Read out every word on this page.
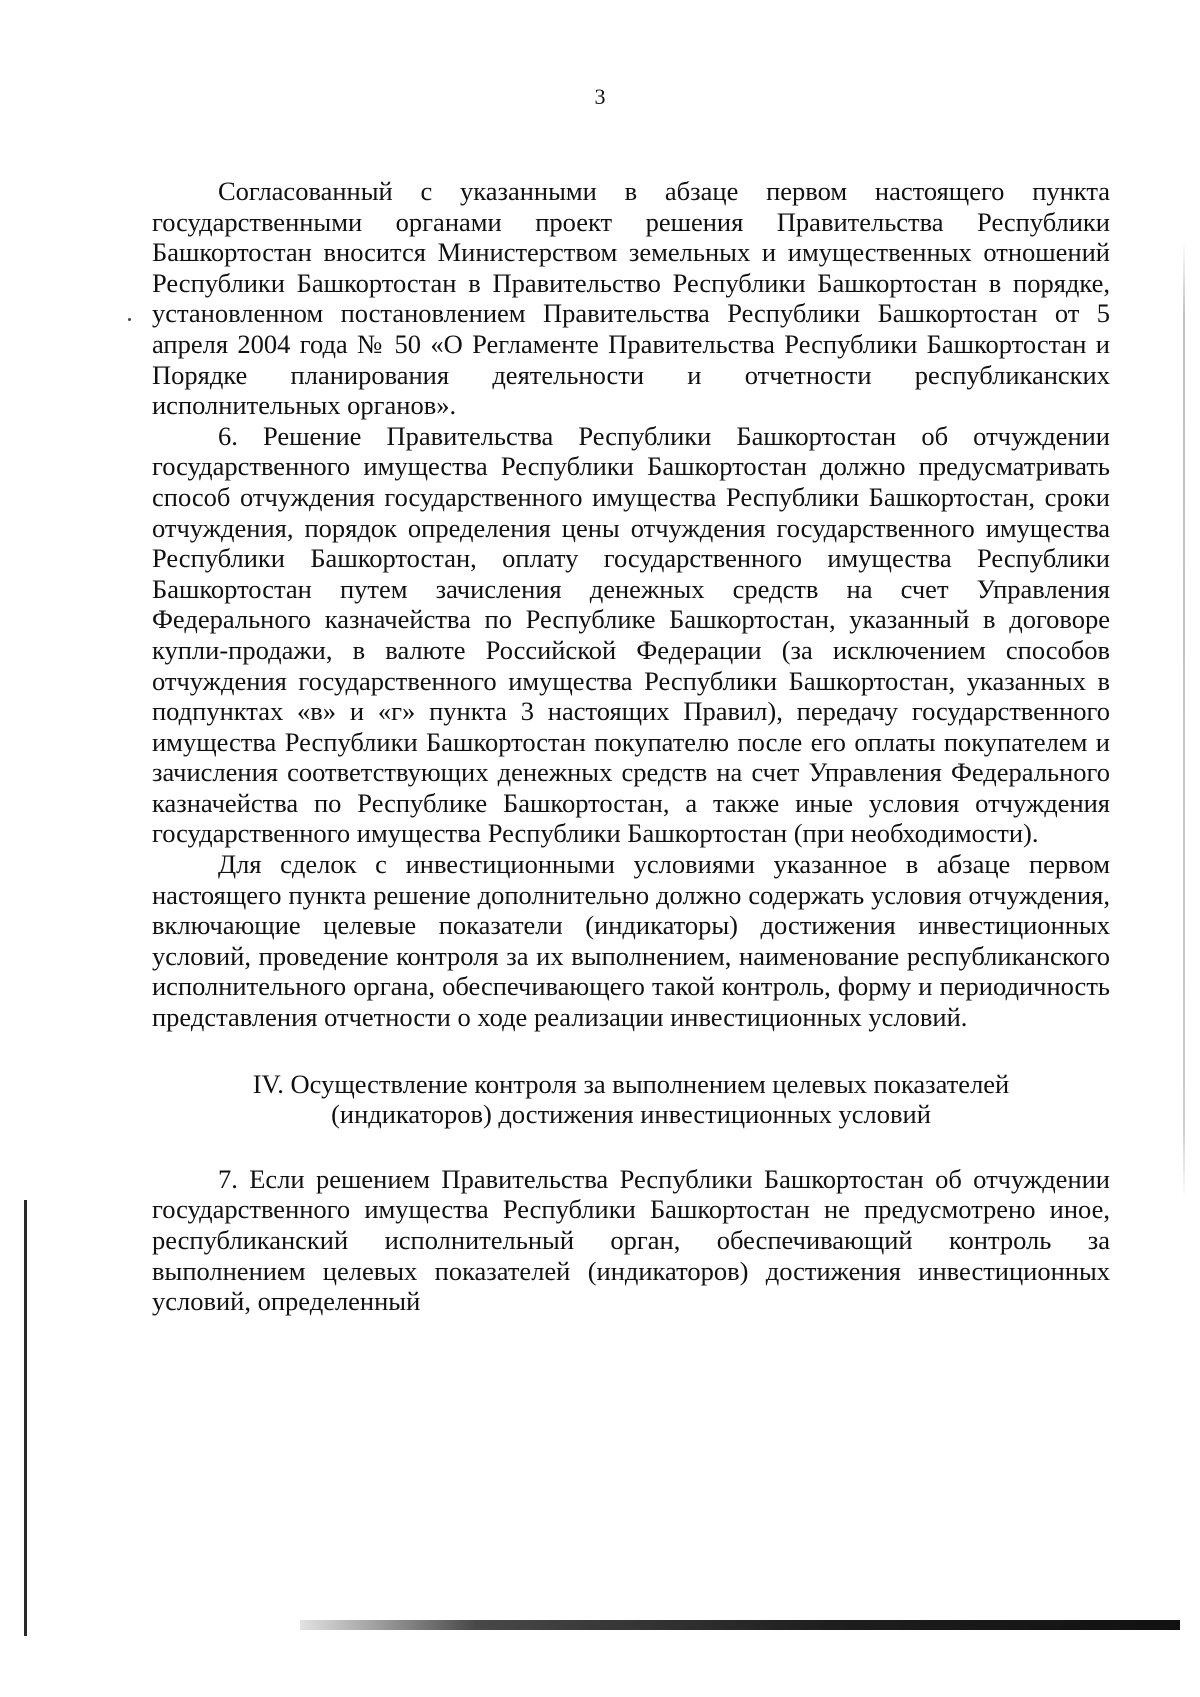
3

Согласованный с указанными в абзаце первом настоящего пункта государственными органами проект решения Правительства Республики Башкортостан вносится Министерством земельных и имущественных отношений Республики Башкортостан в Правительство Республики Башкортостан в порядке, установленном постановлением Правительства Республики Башкортостан от 5 апреля 2004 года № 50 «О Регламенте Правительства Республики Башкортостан и Порядке планирования деятельности и отчетности республиканских исполнительных органов».

6. Решение Правительства Республики Башкортостан об отчуждении государственного имущества Республики Башкортостан должно предусматривать способ отчуждения государственного имущества Республики Башкортостан, сроки отчуждения, порядок определения цены отчуждения государственного имущества Республики Башкортостан, оплату государственного имущества Республики Башкортостан путем зачисления денежных средств на счет Управления Федерального казначейства по Республике Башкортостан, указанный в договоре купли-продажи, в валюте Российской Федерации (за исключением способов отчуждения государственного имущества Республики Башкортостан, указанных в подпунктах «в» и «г» пункта 3 настоящих Правил), передачу государственного имущества Республики Башкортостан покупателю после его оплаты покупателем и зачисления соответствующих денежных средств на счет Управления Федерального казначейства по Республике Башкортостан, а также иные условия отчуждения государственного имущества Республики Башкортостан (при необходимости).

Для сделок с инвестиционными условиями указанное в абзаце первом настоящего пункта решение дополнительно должно содержать условия отчуждения, включающие целевые показатели (индикаторы) достижения инвестиционных условий, проведение контроля за их выполнением, наименование республиканского исполнительного органа, обеспечивающего такой контроль, форму и периодичность представления отчетности о ходе реализации инвестиционных условий.

IV. Осуществление контроля за выполнением целевых показателей
(индикаторов) достижения инвестиционных условий

7. Если решением Правительства Республики Башкортостан об отчуждении государственного имущества Республики Башкортостан не предусмотрено иное, республиканский исполнительный орган, обеспечивающий контроль за выполнением целевых показателей (индикаторов) достижения инвестиционных условий, определенный
